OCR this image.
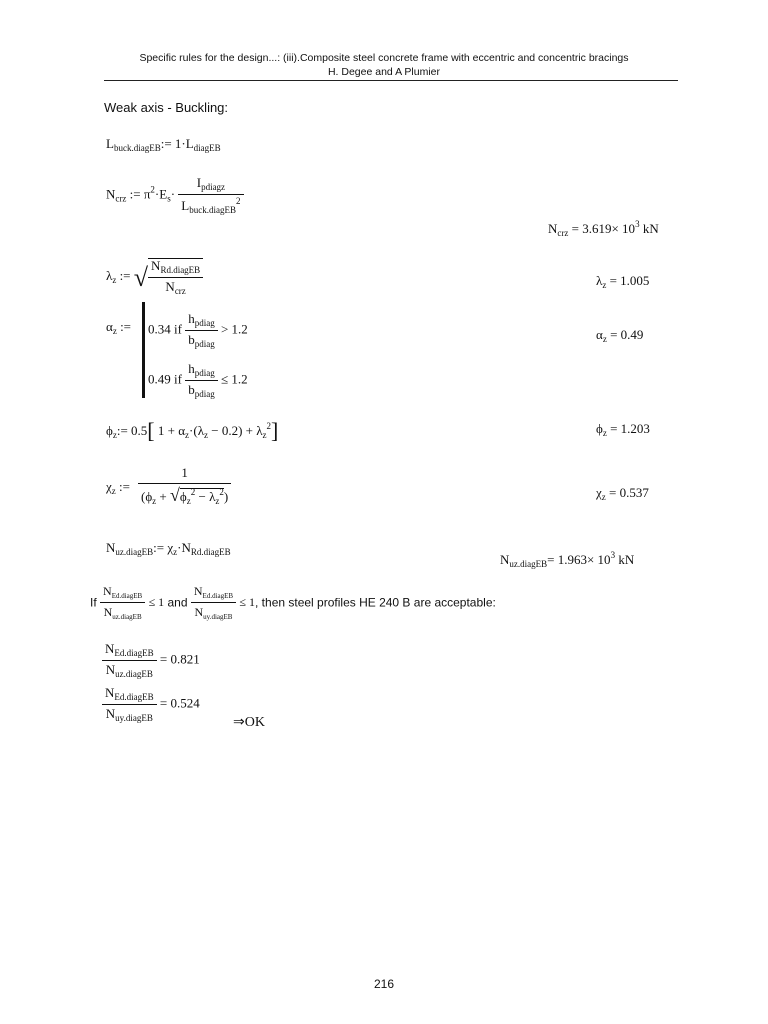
Specific rules for the design...: (iii).Composite steel concrete frame with eccentric and concentric bracings
H. Degee and A Plumier
Weak axis - Buckling:
$L_{buck.diagEB}:= 1\cdot L_{diagEB}$
$N_{crz}$ := $\pi^2\cdot E_s\cdot \frac{I_{pdiagz}}{L_{buck.diagEB}^2}$
$N_{crz} = 3.619\times 10^3$ kN
$\lambda_z$ := √ $\frac{N_{Rd.diagEB}}{N_{crz}}$	$\lambda_z = 1.005$
$\alpha_z$ := 0.34 if $\frac{h_{pdiag}}{b_{pdiag}} > 1.2$
0.49 if $\frac{h_{pdiag}}{b_{pdiag}} \le 1.2$
$\alpha_z = 0.49$
$\phi_z:= 0.5$[ $1 + \alpha_z\cdot(\lambda_z - 0.2) + \lambda_z^2$]	$\phi_z = 1.203$
$\chi_z$ := $\frac{1}{(\phi_z + √\phi_z^2 - \lambda_z^2)}$	$\chi_z = 0.537$
$N_{uz.diagEB}:= \chi_z\cdot N_{Rd.diagEB}$	$N_{uz.diagEB}= 1.963\times 10^3$ kN
If $\frac{N_{Ed.diagEB}}{N_{uz.diagEB}} \le 1$ and $\frac{N_{Ed.diagEB}}{N_{uy.diagEB}} \le 1$, then steel profiles HE 240 B are acceptable:
$\frac{N_{Ed.diagEB}}{N_{uz.diagEB}} = 0.821$
$\frac{N_{Ed.diagEB}}{N_{uy.diagEB}} = 0.524$
⇒OK
216
